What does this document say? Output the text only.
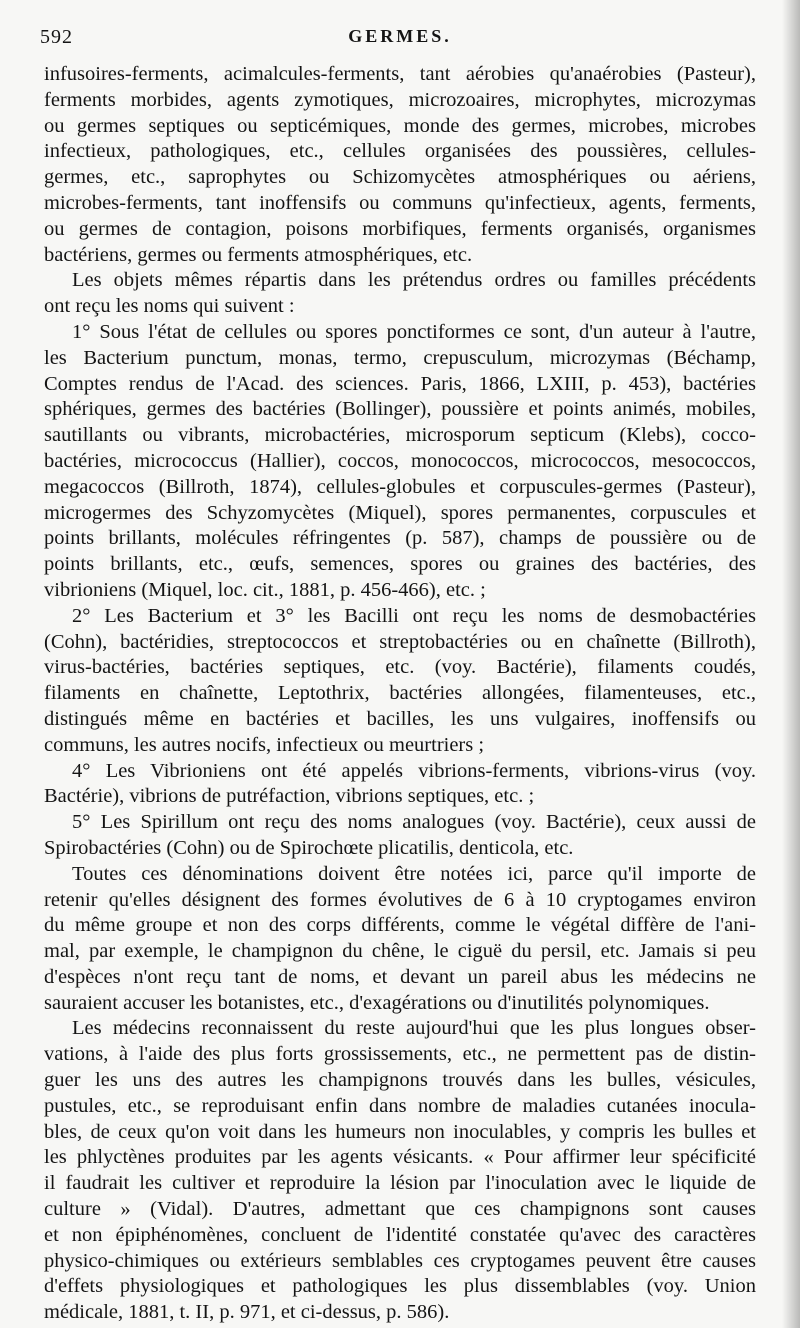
592	GERMES.
infusoires-ferments, acimalcules-ferments, tant aérobies qu'anaérobies (Pasteur),
ferments morbides, agents zymotiques, microzoaires, microphytes, microzymas
ou germes septiques ou septicémiques, monde des germes, microbes, microbes
infectieux, pathologiques, etc., cellules organisées des poussières, cellules-
germes, etc., saprophytes ou Schizomycètes atmosphériques ou aériens,
microbes-ferments, tant inoffensifs ou communs qu'infectieux, agents, ferments,
ou germes de contagion, poisons morbifiques, ferments organisés, organismes
bactériens, germes ou ferments atmosphériques, etc.
Les objets mêmes répartis dans les prétendus ordres ou familles précédents
ont reçu les noms qui suivent :
1° Sous l'état de cellules ou spores ponctiformes ce sont, d'un auteur à l'autre,
les Bacterium punctum, monas, termo, crepusculum, microzymas (Béchamp,
Comptes rendus de l'Acad. des sciences. Paris, 1866, LXIII, p. 453), bactéries
sphériques, germes des bactéries (Bollinger), poussière et points animés, mobiles,
sautillants ou vibrants, microbactéries, microsporum septicum (Klebs), cocco-
bactéries, micrococcus (Hallier), coccos, monococcos, micrococcos, mesococcos,
megacoccos (Billroth, 1874), cellules-globules et corpuscules-germes (Pasteur),
microgermes des Schyzomycètes (Miquel), spores permanentes, corpuscules et
points brillants, molécules réfringentes (p. 587), champs de poussière ou de
points brillants, etc., œufs, semences, spores ou graines des bactéries, des
vibrioniens (Miquel, loc. cit., 1881, p. 456-466), etc. ;
2° Les Bacterium et 3° les Bacilli ont reçu les noms de desmobactéries
(Cohn), bactéridies, streptococcos et streptobactéries ou en chaînette (Billroth),
virus-bactéries, bactéries septiques, etc. (voy. Bactérie), filaments coudés,
filaments en chaînette, Leptothrix, bactéries allongées, filamenteuses, etc.,
distingués même en bactéries et bacilles, les uns vulgaires, inoffensifs ou
communs, les autres nocifs, infectieux ou meurtriers ;
4° Les Vibrioniens ont été appelés vibrions-ferments, vibrions-virus (voy.
Bactérie), vibrions de putréfaction, vibrions septiques, etc. ;
5° Les Spirillum ont reçu des noms analogues (voy. Bactérie), ceux aussi de
Spirobactéries (Cohn) ou de Spirochœte plicatilis, denticola, etc.
Toutes ces dénominations doivent être notées ici, parce qu'il importe de
retenir qu'elles désignent des formes évolutives de 6 à 10 cryptogames environ
du même groupe et non des corps différents, comme le végétal diffère de l'ani-
mal, par exemple, le champignon du chêne, le ciguë du persil, etc. Jamais si peu
d'espèces n'ont reçu tant de noms, et devant un pareil abus les médecins ne
sauraient accuser les botanistes, etc., d'exagérations ou d'inutilités polynomiques.
Les médecins reconnaissent du reste aujourd'hui que les plus longues obser-
vations, à l'aide des plus forts grossissements, etc., ne permettent pas de distin-
guer les uns des autres les champignons trouvés dans les bulles, vésicules,
pustules, etc., se reproduisant enfin dans nombre de maladies cutanées inocula-
bles, de ceux qu'on voit dans les humeurs non inoculables, y compris les bulles et
les phlyctènes produites par les agents vésicants. « Pour affirmer leur spécificité
il faudrait les cultiver et reproduire la lésion par l'inoculation avec le liquide de
culture » (Vidal). D'autres, admettant que ces champignons sont causes
et non épiphénomènes, concluent de l'identité constatée qu'avec des caractères
physico-chimiques ou extérieurs semblables ces cryptogames peuvent être causes
d'effets physiologiques et pathologiques les plus dissemblables (voy. Union
médicale, 1881, t. II, p. 971, et ci-dessus, p. 586).
